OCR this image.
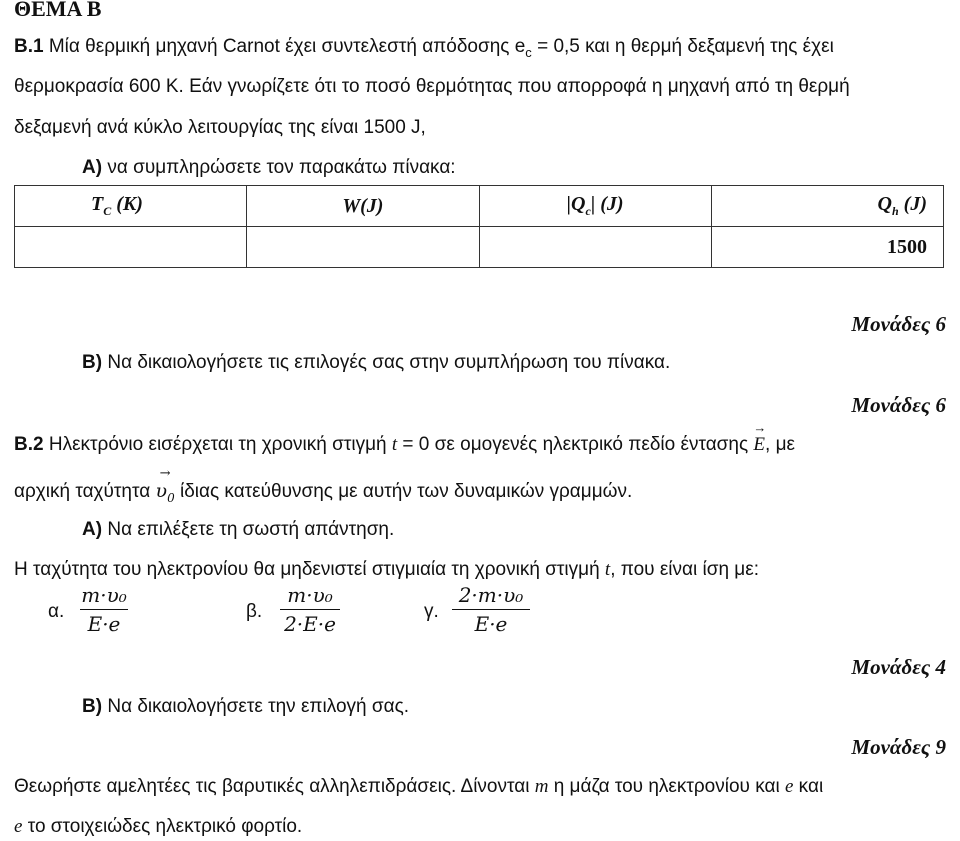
ΘΕΜΑ Β
Β.1 Μία θερμική μηχανή Carnot έχει συντελεστή απόδοσης $e_c = 0,5$ και η θερμή δεξαμενή της έχει
θερμοκρασία 600 Κ. Εάν γνωρίζετε ότι το ποσό θερμότητας που απορροφά η μηχανή από τη θερμή
δεξαμενή ανά κύκλο λειτουργίας της είναι 1500 J,
Α) να συμπληρώσετε τον παρακάτω πίνακα:
$T_C$ (K)	W(J)	$|Q_c|$ (J)	$Q_h$ (J)
			1500
Μονάδες 6
Β) Να δικαιολογήσετε τις επιλογές σας στην συμπλήρωση του πίνακα.
Μονάδες 6
Β.2 Ηλεκτρόνιο εισέρχεται τη χρονική στιγμή t = 0 σε ομογενές ηλεκτρικό πεδίο έντασης → E, με
αρχική $\tau\alpha\chi ύ\tau\eta\tau\alpha \to \upsilon_0$ ίδιας κατεύθυνσης με αυτήν των δυναμικών γραμμών.
Α) Να επιλέξετε τη σωστή απάντηση.
Η ταχύτητα του ηλεκτρονίου θα μηδενιστεί στιγμιαία τη χρονική στιγμή t, που είναι ίση με:
α.
m·υ₀
E·e
β.
m·υ₀
2·E·e
γ.
2·m·υ₀
E·e
Μονάδες 4
Β) Να δικαιολογήσετε την επιλογή σας.
Μονάδες 9
Θεωρήστε αμελητέες τις βαρυτικές αλληλεπιδράσεις. Δίνονται m η μάζα του ηλεκτρονίου και e και
e το στοιχειώδες ηλεκτρικό φορτίο.
